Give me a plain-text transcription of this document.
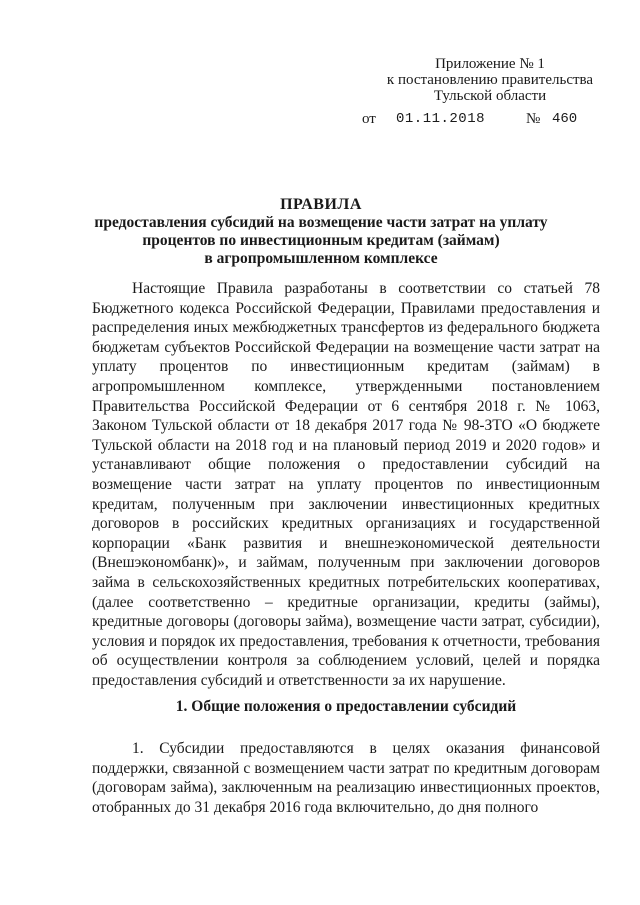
Приложение № 1
к постановлению правительства
Тульской области
от 01.11.2018	№ 460
ПРАВИЛА
предоставления субсидий на возмещение части затрат на уплату
процентов по инвестиционным кредитам (займам)
в агропромышленном комплексе

Настоящие Правила разработаны в соответствии со статьей 78 Бюджетного кодекса Российской Федерации, Правилами предоставления и распределения иных межбюджетных трансфертов из федерального бюджета бюджетам субъектов Российской Федерации на возмещение части затрат на уплату процентов по инвестиционным кредитам (займам) в агропромышленном комплексе, утвержденными постановлением Правительства Российской Федерации от 6 сентября 2018 г. № 1063, Законом Тульской области от 18 декабря 2017 года № 98-ЗТО «О бюджете Тульской области на 2018 год и на плановый период 2019 и 2020 годов» и устанавливают общие положения о предоставлении субсидий на возмещение части затрат на уплату процентов по инвестиционным кредитам, полученным при заключении инвестиционных кредитных договоров в российских кредитных организациях и государственной корпорации «Банк развития и внешнеэкономической деятельности (Внешэкономбанк)», и займам, полученным при заключении договоров займа в сельскохозяйственных кредитных потребительских кооперативах, (далее соответственно – кредитные организации, кредиты (займы), кредитные договоры (договоры займа), возмещение части затрат, субсидии), условия и порядок их предоставления, требования к отчетности, требования об осуществлении контроля за соблюдением условий, целей и порядка предоставления субсидий и ответственности за их нарушение.

1. Общие положения о предоставлении субсидий

1. Субсидии предоставляются в целях оказания финансовой поддержки, связанной с возмещением части затрат по кредитным договорам (договорам займа), заключенным на реализацию инвестиционных проектов, отобранных до 31 декабря 2016 года включительно, до дня полного
